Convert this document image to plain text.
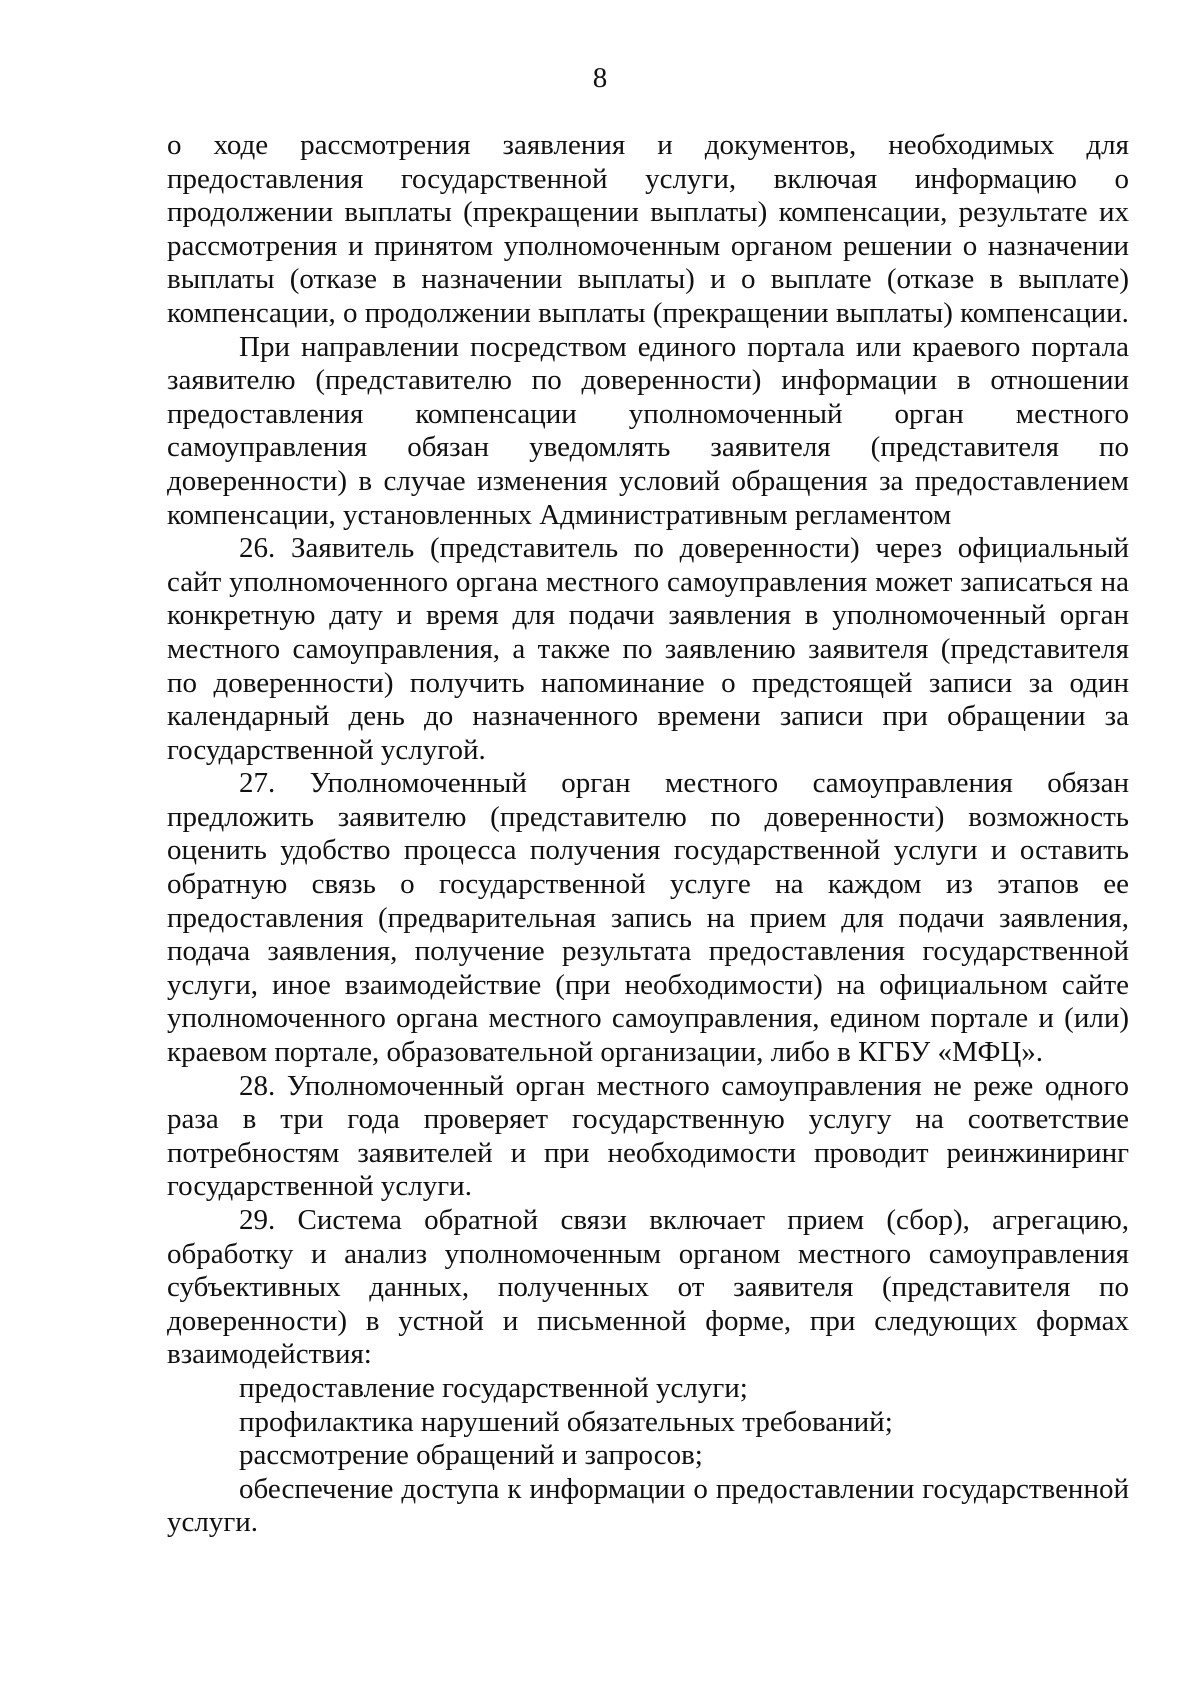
8

о ходе рассмотрения заявления и документов, необходимых для предоставления государственной услуги, включая информацию о продолжении выплаты (прекращении выплаты) компенсации, результате их рассмотрения и принятом уполномоченным органом решении о назначении выплаты (отказе в назначении выплаты) и о выплате (отказе в выплате) компенсации, о продолжении выплаты (прекращении выплаты) компенсации.

При направлении посредством единого портала или краевого портала заявителю (представителю по доверенности) информации в отношении предоставления компенсации уполномоченный орган местного самоуправления обязан уведомлять заявителя (представителя по доверенности) в случае изменения условий обращения за предоставлением компенсации, установленных Административным регламентом

26. Заявитель (представитель по доверенности) через официальный сайт уполномоченного органа местного самоуправления может записаться на конкретную дату и время для подачи заявления в уполномоченный орган местного самоуправления, а также по заявлению заявителя (представителя по доверенности) получить напоминание о предстоящей записи за один календарный день до назначенного времени записи при обращении за государственной услугой.

27. Уполномоченный орган местного самоуправления обязан предложить заявителю (представителю по доверенности) возможность оценить удобство процесса получения государственной услуги и оставить обратную связь о государственной услуге на каждом из этапов ее предоставления (предварительная запись на прием для подачи заявления, подача заявления, получение результата предоставления государственной услуги, иное взаимодействие (при необходимости) на официальном сайте уполномоченного органа местного самоуправления, едином портале и (или) краевом портале, образовательной организации, либо в КГБУ «МФЦ».

28. Уполномоченный орган местного самоуправления не реже одного раза в три года проверяет государственную услугу на соответствие потребностям заявителей и при необходимости проводит реинжиниринг государственной услуги.

29. Система обратной связи включает прием (сбор), агрегацию, обработку и анализ уполномоченным органом местного самоуправления субъективных данных, полученных от заявителя (представителя по доверенности) в устной и письменной форме, при следующих формах взаимодействия:

предоставление государственной услуги;

профилактика нарушений обязательных требований;

рассмотрение обращений и запросов;

обеспечение доступа к информации о предоставлении государственной услуги.
